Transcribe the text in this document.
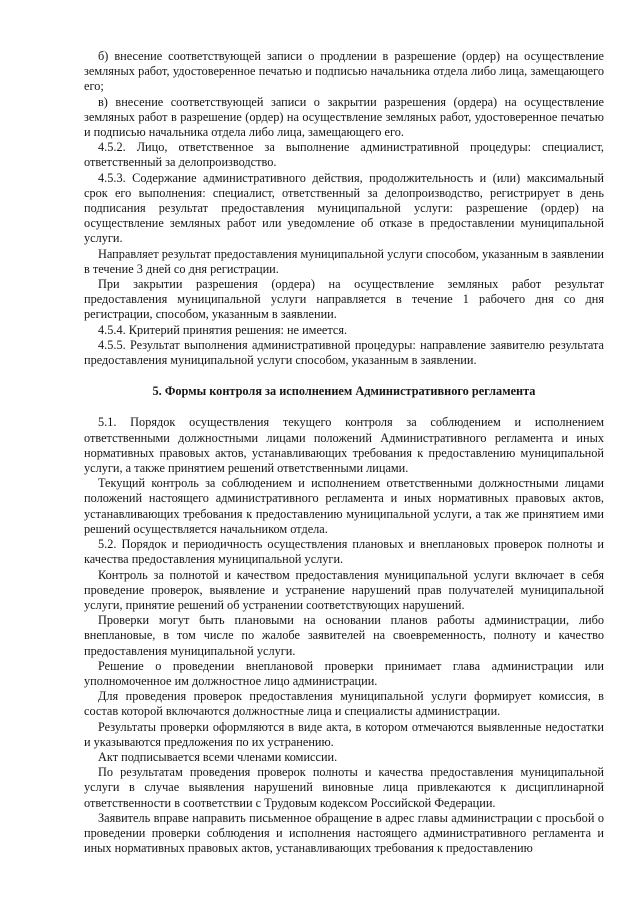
б) внесение соответствующей записи о продлении в разрешение (ордер) на осуществление земляных работ, удостоверенное печатью и подписью начальника отдела либо лица, замещающего его;

в) внесение соответствующей записи о закрытии разрешения (ордера) на осуществление земляных работ в разрешение (ордер) на осуществление земляных работ, удостоверенное печатью и подписью начальника отдела либо лица, замещающего его.

4.5.2. Лицо, ответственное за выполнение административной процедуры: специалист, ответственный за делопроизводство.

4.5.3. Содержание административного действия, продолжительность и (или) максимальный срок его выполнения: специалист, ответственный за делопроизводство, регистрирует в день подписания результат предоставления муниципальной услуги: разрешение (ордер) на осуществление земляных работ или уведомление об отказе в предоставлении муниципальной услуги.

Направляет результат предоставления муниципальной услуги способом, указанным в заявлении в течение 3 дней со дня регистрации.

При закрытии разрешения (ордера) на осуществление земляных работ результат предоставления муниципальной услуги направляется в течение 1 рабочего дня со дня регистрации, способом, указанным в заявлении.

4.5.4. Критерий принятия решения: не имеется.

4.5.5. Результат выполнения административной процедуры: направление заявителю результата предоставления муниципальной услуги способом, указанным в заявлении.

5. Формы контроля за исполнением Административного регламента

5.1. Порядок осуществления текущего контроля за соблюдением и исполнением ответственными должностными лицами положений Административного регламента и иных нормативных правовых актов, устанавливающих требования к предоставлению муниципальной услуги, а также принятием решений ответственными лицами.

Текущий контроль за соблюдением и исполнением ответственными должностными лицами положений настоящего административного регламента и иных нормативных правовых актов, устанавливающих требования к предоставлению муниципальной услуги, а так же принятием ими решений осуществляется начальником отдела.

5.2. Порядок и периодичность осуществления плановых и внеплановых проверок полноты и качества предоставления муниципальной услуги.

Контроль за полнотой и качеством предоставления муниципальной услуги включает в себя проведение проверок, выявление и устранение нарушений прав получателей муниципальной услуги, принятие решений об устранении соответствующих нарушений.

Проверки могут быть плановыми на основании планов работы администрации, либо внеплановые, в том числе по жалобе заявителей на своевременность, полноту и качество предоставления муниципальной услуги.

Решение о проведении внеплановой проверки принимает глава администрации или уполномоченное им должностное лицо администрации.

Для проведения проверок предоставления муниципальной услуги формирует комиссия, в состав которой включаются должностные лица и специалисты администрации.

Результаты проверки оформляются в виде акта, в котором отмечаются выявленные недостатки и указываются предложения по их устранению.

Акт подписывается всеми членами комиссии.

По результатам проведения проверок полноты и качества предоставления муниципальной услуги в случае выявления нарушений виновные лица привлекаются к дисциплинарной ответственности в соответствии с Трудовым кодексом Российской Федерации.

Заявитель вправе направить письменное обращение в адрес главы администрации с просьбой о проведении проверки соблюдения и исполнения настоящего административного регламента и иных нормативных правовых актов, устанавливающих требования к предоставлению
